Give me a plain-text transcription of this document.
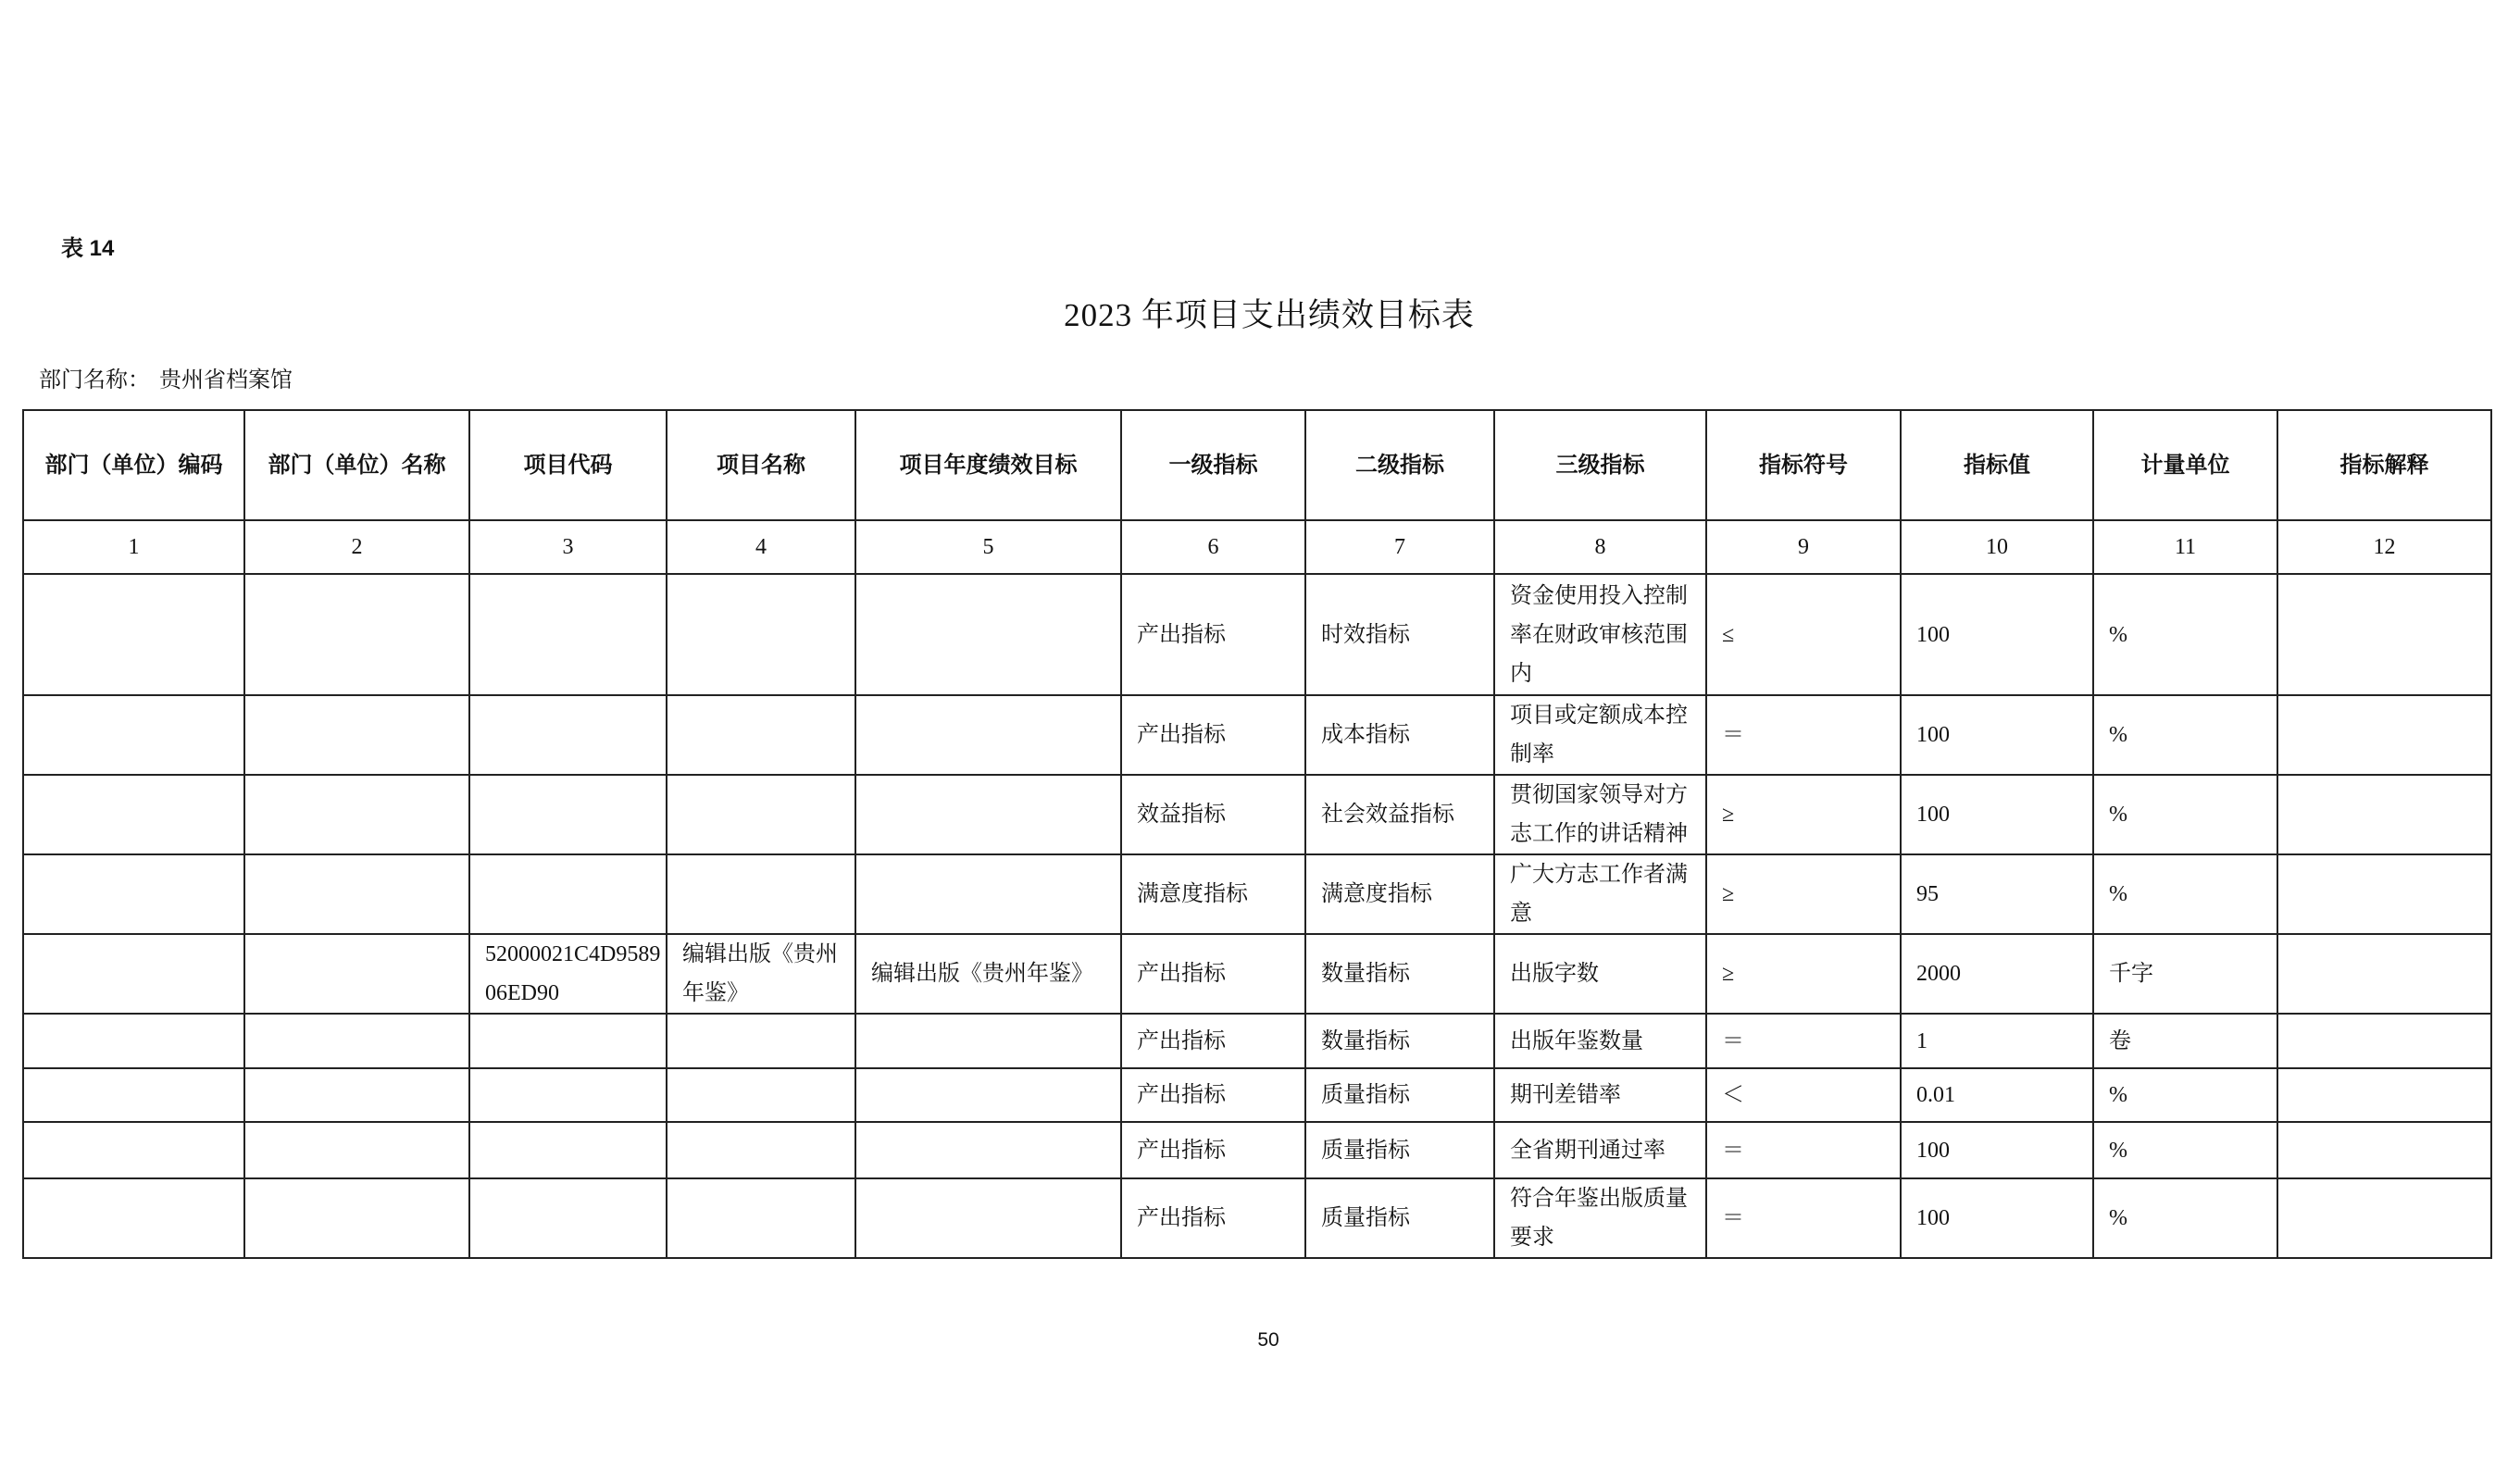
表 14
2023 年项目支出绩效目标表
部门名称： 贵州省档案馆
部门（单位）编码	部门（单位）名称	项目代码	项目名称	项目年度绩效目标	一级指标	二级指标	三级指标	指标符号	指标值	计量单位	指标解释
1	2	3	4	5	6	7	8	9	10	11	12
					产出指标	时效指标	资金使用投入控制率在财政审核范围内	≤	100	%	
					产出指标	成本指标	项目或定额成本控制率	＝	100	%	
					效益指标	社会效益指标	贯彻国家领导对方志工作的讲话精神	≥	100	%	
					满意度指标	满意度指标	广大方志工作者满意	≥	95	%	
		52000021C4D958906ED90	编辑出版《贵州年鉴》	编辑出版《贵州年鉴》	产出指标	数量指标	出版字数	≥	2000	千字	
					产出指标	数量指标	出版年鉴数量	＝	1	卷	
					产出指标	质量指标	期刊差错率	＜	0.01	%	
					产出指标	质量指标	全省期刊通过率	＝	100	%	
					产出指标	质量指标	符合年鉴出版质量要求	＝	100	%	
50
